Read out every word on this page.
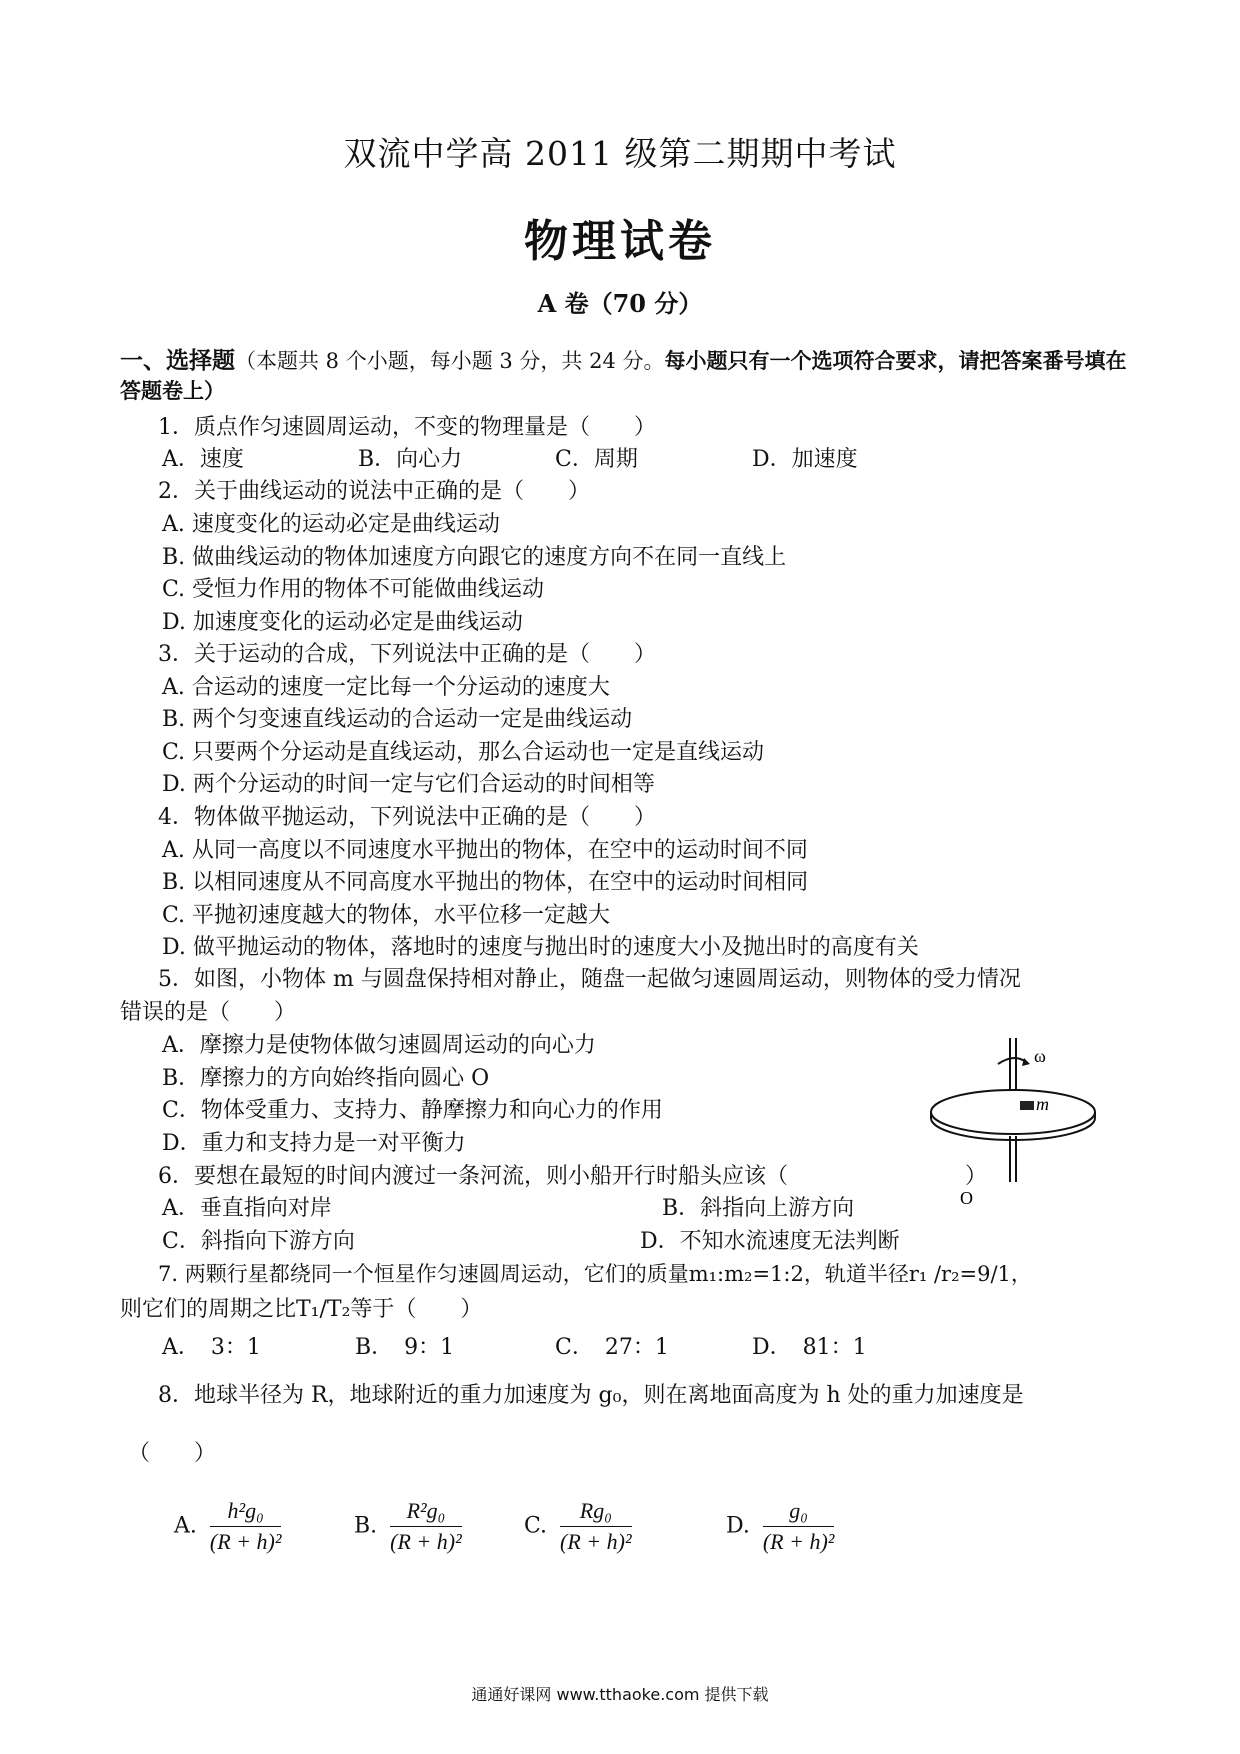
双流中学高 2011 级第二期期中考试
物理试卷
A 卷（70 分）
一、选择题（本题共 8 个小题，每小题 3 分，共 24 分。每小题只有一个选项符合要求，请把答案番号填在答题卷上）
1．质点作匀速圆周运动，不变的物理量是（　　）
A．速度	B．向心力	C．周期	D．加速度
2．关于曲线运动的说法中正确的是（　　）
A. 速度变化的运动必定是曲线运动
B. 做曲线运动的物体加速度方向跟它的速度方向不在同一直线上
C. 受恒力作用的物体不可能做曲线运动
D. 加速度变化的运动必定是曲线运动
3．关于运动的合成，下列说法中正确的是（　　）
A. 合运动的速度一定比每一个分运动的速度大
B. 两个匀变速直线运动的合运动一定是曲线运动
C. 只要两个分运动是直线运动，那么合运动也一定是直线运动
D. 两个分运动的时间一定与它们合运动的时间相等
4．物体做平抛运动，下列说法中正确的是（　　）
A. 从同一高度以不同速度水平抛出的物体，在空中的运动时间不同
B. 以相同速度从不同高度水平抛出的物体，在空中的运动时间相同
C. 平抛初速度越大的物体，水平位移一定越大
D. 做平抛运动的物体，落地时的速度与抛出时的速度大小及抛出时的高度有关
5．如图，小物体 m 与圆盘保持相对静止，随盘一起做匀速圆周运动，则物体的受力情况
错误的是（　　）
A．摩擦力是使物体做匀速圆周运动的向心力
B．摩擦力的方向始终指向圆心 O
C．物体受重力、支持力、静摩擦力和向心力的作用
D．重力和支持力是一对平衡力
ω
m
O
6．要想在最短的时间内渡过一条河流，则小船开行时船头应该（	）
A．垂直指向对岸	B．斜指向上游方向
C．斜指向下游方向	D．不知水流速度无法判断
7. 两颗行星都绕同一个恒星作匀速圆周运动，它们的质量m₁:m₂=1:2，轨道半径r₁ /r₂=9/1，
则它们的周期之比T₁/T₂等于（　　）
A．　3：1	B．　9：1	C．　27：1	D．　81：1
8．地球半径为 R，地球附近的重力加速度为 g₀，则在离地面高度为 h 处的重力加速度是
（　　）
A. $\frac{\text{h²g₀}}{\text{(R + h)²}}$	B. $\frac{\text{R²g₀}}{\text{(R + h)²}}$	C. $\frac{\text{Rg₀}}{\text{(R + h)²}}$	D. $\frac{\text{g₀}}{\text{(R + h)²}}$
通通好课网 www.tthaoke.com 提供下载
